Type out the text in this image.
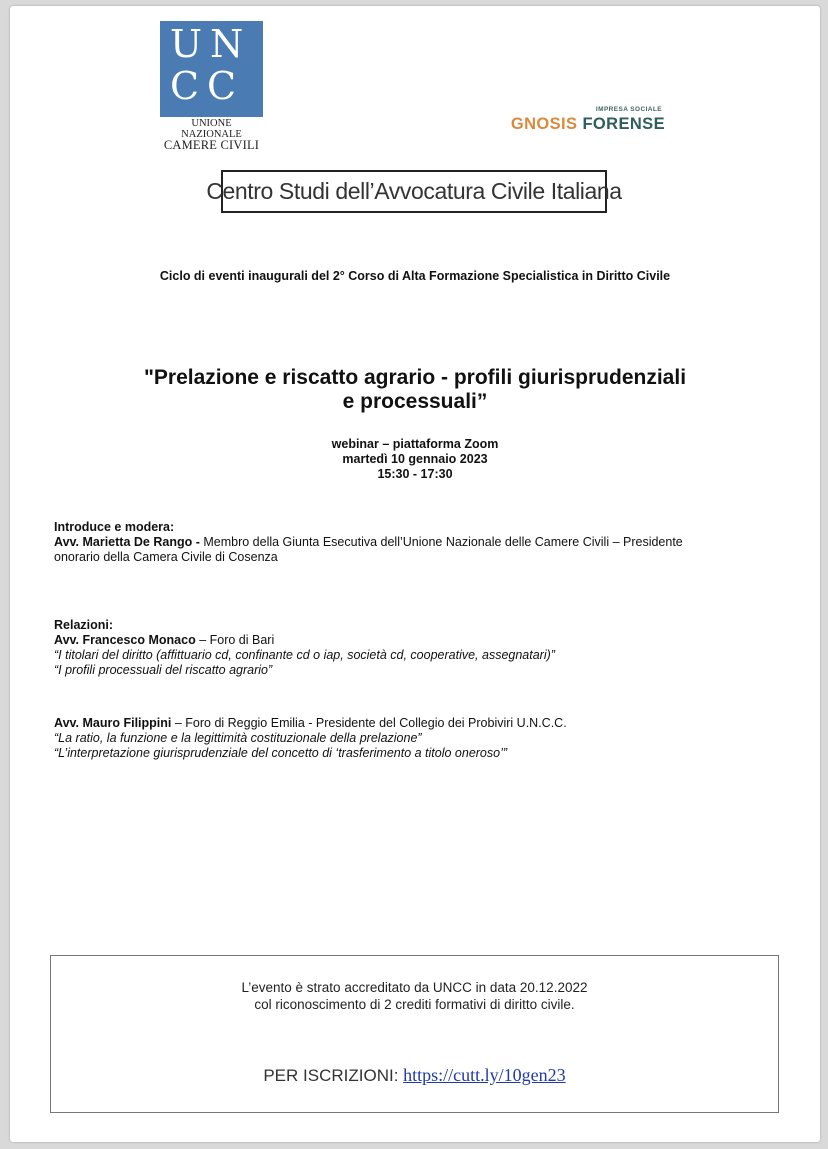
U N
C C
UNIONE NAZIONALE
CAMERE CIVILI
IMPRESA SOCIALE
GNOSIS FORENSE
Centro Studi dell’Avvocatura Civile Italiana
Ciclo di eventi inaugurali del 2° Corso di Alta Formazione Specialistica in Diritto Civile
"Prelazione e riscatto agrario - profili giurisprudenziali
e processuali”
webinar – piattaforma Zoom
martedì 10 gennaio 2023
15:30 - 17:30
Introduce e modera:
Avv. Marietta De Rango - Membro della Giunta Esecutiva dell’Unione Nazionale delle Camere Civili – Presidente
onorario della Camera Civile di Cosenza
Relazioni:
Avv. Francesco Monaco – Foro di Bari
“I titolari del diritto (affittuario cd, confinante cd o iap, società cd, cooperative, assegnatari)”
“I profili processuali del riscatto agrario”
Avv. Mauro Filippini – Foro di Reggio Emilia - Presidente del Collegio dei Probiviri U.N.C.C.
“La ratio, la funzione e la legittimità costituzionale della prelazione”
“L’interpretazione giurisprudenziale del concetto di ‘trasferimento a titolo oneroso’”
L’evento è strato accreditato da UNCC in data 20.12.2022
col riconoscimento di 2 crediti formativi di diritto civile.
PER ISCRIZIONI: https://cutt.ly/10gen23
